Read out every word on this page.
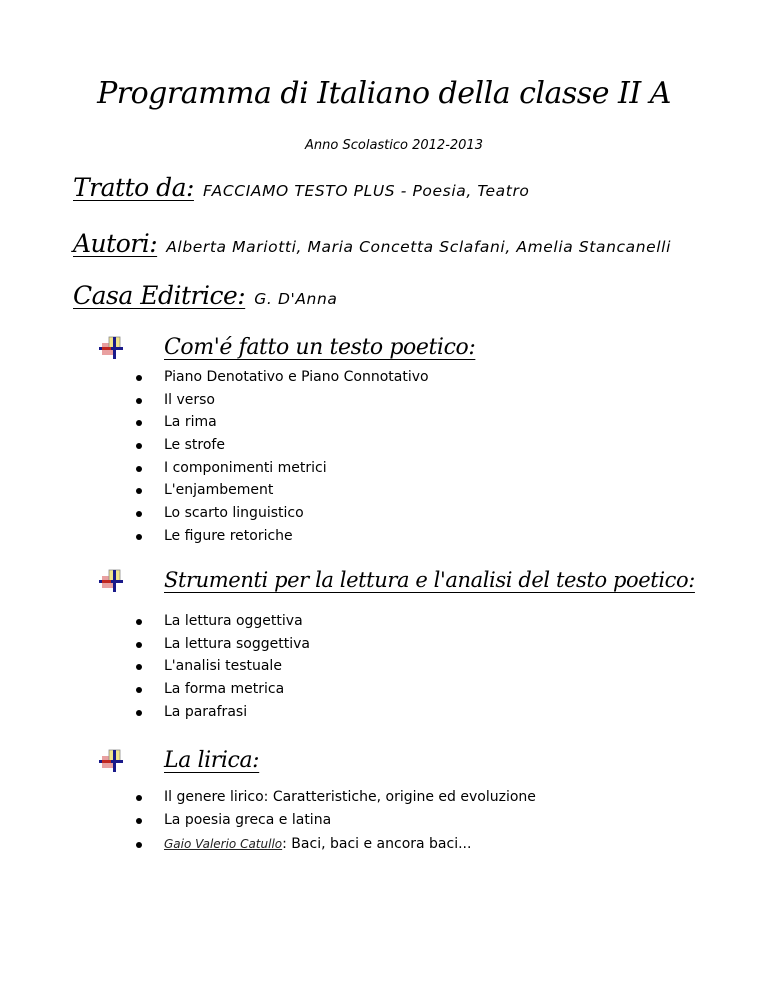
Programma di Italiano della classe II A
Anno Scolastico 2012-2013
Tratto da: FACCIAMO TESTO PLUS - Poesia, Teatro
Autori: Alberta Mariotti, Maria Concetta Sclafani, Amelia Stancanelli
Casa Editrice: G. D'Anna
Com'é fatto un testo poetico:
Piano Denotativo e Piano Connotativo
Il verso
La rima
Le strofe
I componimenti metrici
L'enjambement
Lo scarto linguistico
Le figure retoriche
Strumenti per la lettura e l'analisi del testo poetico:
La lettura oggettiva
La lettura soggettiva
L'analisi testuale
La forma metrica
La parafrasi
La lirica:
Il genere lirico: Caratteristiche, origine ed evoluzione
La poesia greca e latina
Gaio Valerio Catullo: Baci, baci e ancora baci...
